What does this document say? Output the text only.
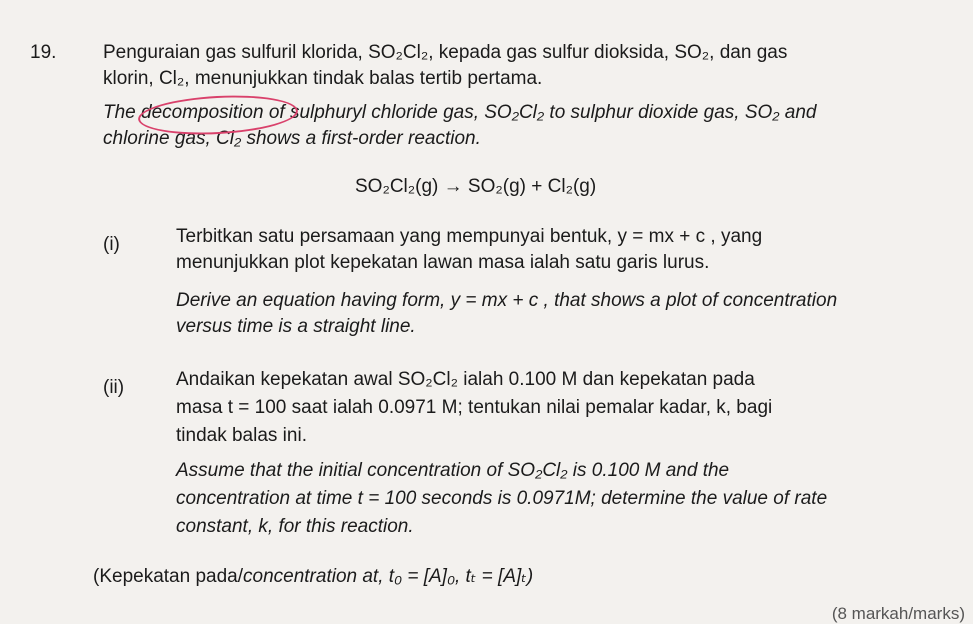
19. Penguraian gas sulfuril klorida, SO₂Cl₂, kepada gas sulfur dioksida, SO₂, dan gas
klorin, Cl₂, menunjukkan tindak balas tertib pertama.
The decomposition of sulphuryl chloride gas, SO₂Cl₂ to sulphur dioxide gas, SO₂ and
chlorine gas, Cl₂ shows a first-order reaction.
SO₂Cl₂(g) → SO₂(g) + Cl₂(g)
(i)	Terbitkan satu persamaan yang mempunyai bentuk, y = mx + c , yang
menunjukkan plot kepekatan lawan masa ialah satu garis lurus.
Derive an equation having form, y = mx + c , that shows a plot of concentration
versus time is a straight line.
(ii)	Andaikan kepekatan awal SO₂Cl₂ ialah 0.100 M dan kepekatan pada
masa t = 100 saat ialah 0.0971 M; tentukan nilai pemalar kadar, k, bagi
tindak balas ini.
Assume that the initial concentration of SO₂Cl₂ is 0.100 M and the
concentration at time t = 100 seconds is 0.0971M; determine the value of rate
constant, k, for this reaction.
(Kepekatan pada/concentration at, t₀ = [A]₀, tₜ = [A]ₜ)
(8 markah/marks)
